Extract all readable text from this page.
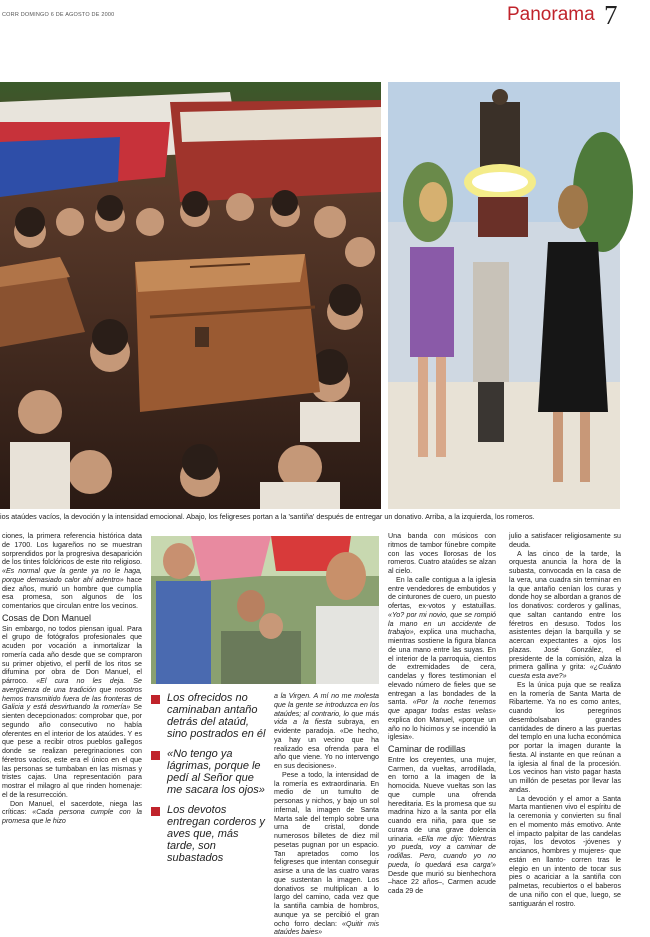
CORR DOMINGO 6 DE AGOSTO DE 2000	Panorama 7
ios ataúdes vacíos, la devoción y la intensidad emocional. Abajo, los feligreses portan a la 'santiña' después de entregar un donativo. Arriba, a la izquierda, los romeros.

ciones, la primera referencia histórica data de 1700. Los lugareños no se muestran sorprendidos por la progresiva desaparición de los tintes folclóricos de este rito religioso. «Es normal que la gente ya no le haga, porque demasiado calor ahí adentro» hace diez años, murió un hombre que cumplía esa promesa, son algunos de los comentarios que circulan entre los vecinos.

Cosas de Don Manuel

Sin embargo, no todos piensan igual. Para el grupo de fotógrafos profesionales que acuden por vocación a inmortalizar la romería cada año desde que se compraron su primer objetivo, el perfil de los ritos se difumina por obra de Don Manuel, el párroco. «El cura no les deja. Se avergüenza de una tradición que nosotros hemos transmitido fuera de las fronteras de Galicia y está desvirtuando la romería» Se sienten decepcionados: comprobar que, por segundo año consecutivo no había oferentes en el interior de los ataúdes. Y es que pese a recibir otros pueblos gallegos donde se realizan peregrinaciones con féretros vacíos, este era el único en el que las personas se tumbaban en las mismas y tristes cajas. Una representación para mostrar el milagro al que rinden homenaje: el de la resurrección.

Don Manuel, el sacerdote, niega las críticas: «Cada persona cumple con la promesa que le hizo

Los ofrecidos no caminaban antaño detrás del ataúd, sino postrados en él
«No tengo ya lágrimas, porque le pedí al Señor que me sacara los ojos»
Los devotos entregan corderos y aves que, más tarde, son subastados

a la Virgen. A mí no me molesta que la gente se introduzca en los ataúdes; al contrario, lo que más vida a la fiesta subraya, en evidente paradoja. «De hecho, ya hay un vecino que ha realizado esa ofrenda para el año que viene. Yo no intervengo en sus decisiones».

Pese a todo, la intensidad de la romería es extraordinaria. En medio de un tumulto de personas y nichos, y bajo un sol infernal, la imagen de Santa Marta sale del templo sobre una urna de cristal, donde numerosos billetes de diez mil pesetas pugnan por un espacio. Tan apretados como los feligreses que intentan conseguir asirse a una de las cuatro varas que sustentan la imagen. Los donativos se multiplican a lo largo del camino, cada vez que la santiña cambia de hombros, aunque ya se percibió el gran ocho forro declan: «Quitir mis ataúdes baies»

Una banda con músicos con ritmos de tambor fúnebre compite con las voces llorosas de los romeros. Cuatro ataúdes se alzan al cielo.

En la calle contigua a la iglesia entre vendedores de embutidos y de cinturones de cuero, un puesto ofertas, ex-votos y estatuillas. «Yo? por mi novio, que se rompió la mano en un accidente de trabajo», explica una muchacha, mientras sostiene la figura blanca de una mano entre las suyas. En el interior de la parroquia, cientos de extremidades de cera, candelas y flores testimonian el elevado número de fieles que se entregan a las bondades de la santa. «Por la noche tenemos que apagar todas estas velas» explica don Manuel, «porque un año no lo hicimos y se incendió la iglesia».

Caminar de rodillas

Entre los creyentes, una mujer, Carmen, da vueltas, arrodillada, en torno a la imagen de la homocida. Nueve vueltas son las que cumple una ofrenda hereditaria. Es la promesa que su madrina hizo a la santa por ella cuando era niña, para que se curara de una grave dolencia urinaria. «Ella me dijo: 'Mientras yo pueda, voy a caminar de rodillas. Pero, cuando yo no pueda, lo quedará esa carga'» Desde que murió su bienhechora –hace 22 años–, Carmen acude cada 29 de

julio a satisfacer religiosamente su deuda.

A las cinco de la tarde, la orquesta anuncia la hora de la subasta, convocada en la casa de la vera, una cuadra sin terminar en la que antaño cenían los curas y donde hoy se albordan a granos de los donativos: corderos y gallinas, que saltan cantando entre los féretros en desuso. Todos los asistentes dejan la barquilla y se acercan expectantes a ojos los plazas. José González, el presidente de la comisión, alza la primera gallina y grita: «¿Cuánto cuesta esta ave?»

Es la única puja que se realiza en la romería de Santa Marta de Ribarteme. Ya no es como antes, cuando los peregrinos desembolsaban grandes cantidades de dinero a las puertas del templo en una lucha económica por portar la imagen durante la fiesta. Al instante en que reúnan a la iglesia al final de la procesión. Los vecinos han visto pagar hasta un millón de pesetas por llevar las andas.

La devoción y el amor a Santa Marta mantienen vivo el espíritu de la ceremonia y convierten su final en el momento más emotivo. Ante el impacto palpitar de las candelas rojas, los devotos -jóvenes y ancianos, hombres y mujeres- que están en llanto- corren tras le elegio en un intento de tocar sus pies o acariciar a la santiña con palmetas, recubiertos o el baberos de una niño con el que, luego, se santiguarán el rostro.
